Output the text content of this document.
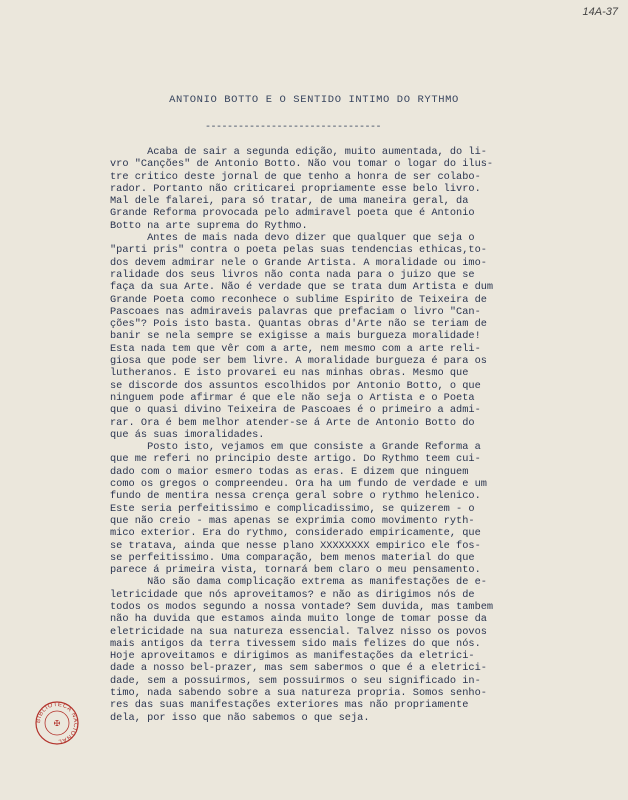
14A-37
ANTONIO BOTTO E O SENTIDO INTIMO DO RYTHMO
--------------------------------
Acaba de sair a segunda edição, muito aumentada, do li-
vro "Canções" de Antonio Botto. Não vou tomar o logar do ilus-
tre critico deste jornal de que tenho a honra de ser colabo-
rador. Portanto não criticarei propriamente esse belo livro.
Mal dele falarei, para só tratar, de uma maneira geral, da
Grande Reforma provocada pelo admiravel poeta que é Antonio
Botto na arte suprema do Rythmo.
Antes de mais nada devo dizer que qualquer que seja o
"parti pris" contra o poeta pelas suas tendencias ethicas,to-
dos devem admirar nele o Grande Artista. A moralidade ou imo-
ralidade dos seus livros não conta nada para o juizo que se
faça da sua Arte. Não é verdade que se trata dum Artista e dum
Grande Poeta como reconhece o sublime Espirito de Teixeira de
Pascoaes nas admiraveis palavras que prefaciam o livro "Can-
ções"? Pois isto basta. Quantas obras d'Arte não se teriam de
banir se nela sempre se exigisse a mais burgueza moralidade!
Esta nada tem que vêr com a arte, nem mesmo com a arte reli-
giosa que pode ser bem livre. A moralidade burgueza é para os
lutheranos. E isto provarei eu nas minhas obras. Mesmo que
se discorde dos assuntos escolhidos por Antonio Botto, o que
ninguem pode afirmar é que ele não seja o Artista e o Poeta
que o quasi divino Teixeira de Pascoaes é o primeiro a admi-
rar. Ora é bem melhor atender-se á Arte de Antonio Botto do
que ás suas imoralidades.
Posto isto, vejamos em que consiste a Grande Reforma a
que me referi no principio deste artigo. Do Rythmo teem cui-
dado com o maior esmero todas as eras. E dizem que ninguem
como os gregos o compreendeu. Ora ha um fundo de verdade e um
fundo de mentira nessa crença geral sobre o rythmo helenico.
Este seria perfeitissimo e complicadissimo, se quizerem - o
que não creio - mas apenas se exprimia como movimento ryth-
mico exterior. Era do rythmo, considerado empiricamente, que
se tratava, ainda que nesse plano XXXXXXXX empirico ele fos-
se perfeitissimo. Uma comparação, bem menos material do que
parece á primeira vista, tornará bem claro o meu pensamento.
Não são dama complicação extrema as manifestações de e-
letricidade que nós aproveitamos? e não as dirigimos nós de
todos os modos segundo a nossa vontade? Sem duvida, mas tambem
não ha duvida que estamos ainda muito longe de tomar posse da
eletricidade na sua natureza essencial. Talvez nisso os povos
mais antigos da terra tivessem sido mais felizes do que nós.
Hoje aproveitamos e dirigimos as manifestações da eletrici-
dade a nosso bel-prazer, mas sem sabermos o que é a eletrici-
dade, sem a possuirmos, sem possuirmos o seu significado in-
timo, nada sabendo sobre a sua natureza propria. Somos senho-
res das suas manifestações exteriores mas não propriamente
dela, por isso que não sabemos o que seja.
BIBLIOTECA NACIONAL
✠
